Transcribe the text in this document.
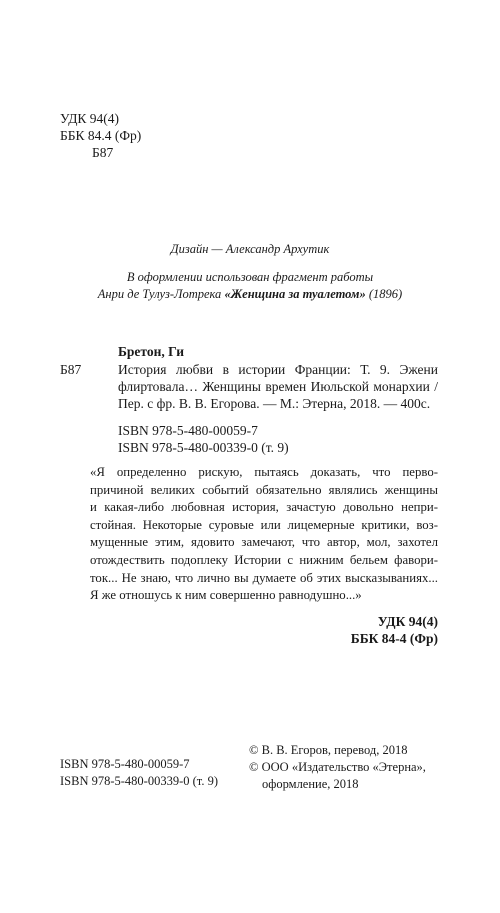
УДК 94(4)
ББК 84.4 (Фр)
Б87
Дизайн — Александр Архутик
В оформлении использован фрагмент работы
Анри де Тулуз-Лотрека «Женщина за туалетом» (1896)
Бретон, Ги
Б87	История любви в истории Франции: Т. 9. Эжени
флиртовала… Женщины времен Июльской монархии /
Пер. с фр. В. В. Егорова. — М.: Этерна, 2018. — 400с.
ISBN 978-5-480-00059-7
ISBN 978-5-480-00339-0 (т. 9)
«Я определенно рискую, пытаясь доказать, что перво-
причиной великих событий обязательно являлись женщины
и какая-либо любовная история, зачастую довольно непри-
стойная. Некоторые суровые или лицемерные критики, воз-
мущенные этим, ядовито замечают, что автор, мол, захотел
отождествить подоплеку Истории с нижним бельем фавори-
ток... Не знаю, что лично вы думаете об этих высказываниях...
Я же отношусь к ним совершенно равнодушно...»
УДК 94(4)
ББК 84-4 (Фр)
ISBN 978-5-480-00059-7
ISBN 978-5-480-00339-0 (т. 9)
© В. В. Егоров, перевод, 2018
© ООО «Издательство «Этерна»,
оформление, 2018
